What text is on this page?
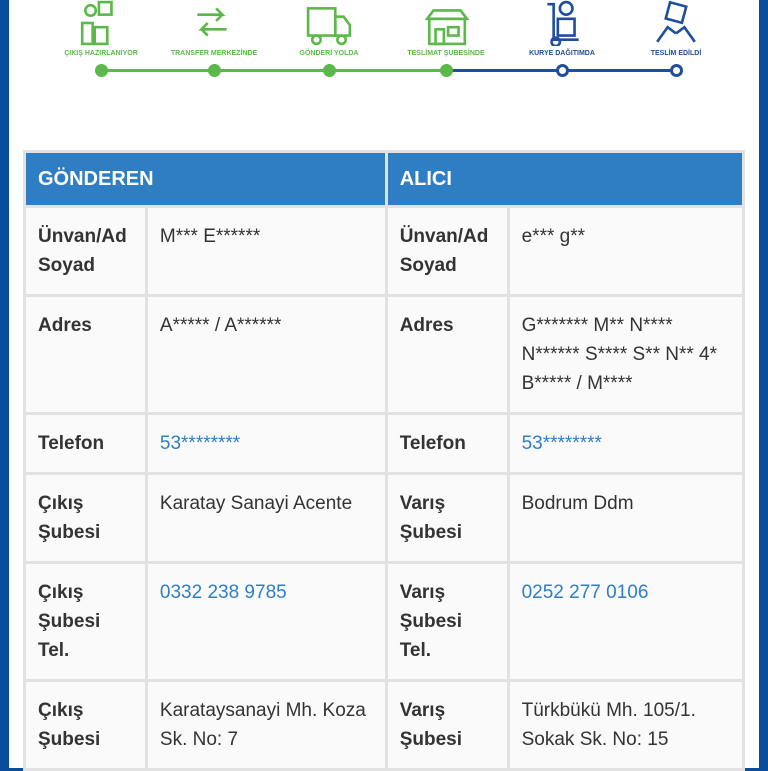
ÇIKIŞ HAZIRLANIYOR	TRANSFER MERKEZİNDE	GÖNDERİ YOLDA	TESLİMAT ŞUBESİNDE	KURYE DAĞITIMDA	TESLİM EDİLDİ
GÖNDEREN		ALICI	
Ünvan/Ad Soyad	M*** E******	Ünvan/Ad Soyad	e*** g**
Adres	A***** / A******	Adres	G******* M** N**** N****** S**** S** N** 4* B***** / M****
Telefon	53********	Telefon	53********
Çıkış Şubesi	Karatay Sanayi Acente	Varış Şubesi	Bodrum Ddm
Çıkış Şubesi Tel.	0332 238 9785	Varış Şubesi Tel.	0252 277 0106
Çıkış Şubesi	Karataysanayi Mh. Koza Sk. No: 7	Varış Şubesi	Türkbükü Mh. 105/1. Sokak Sk. No: 15
